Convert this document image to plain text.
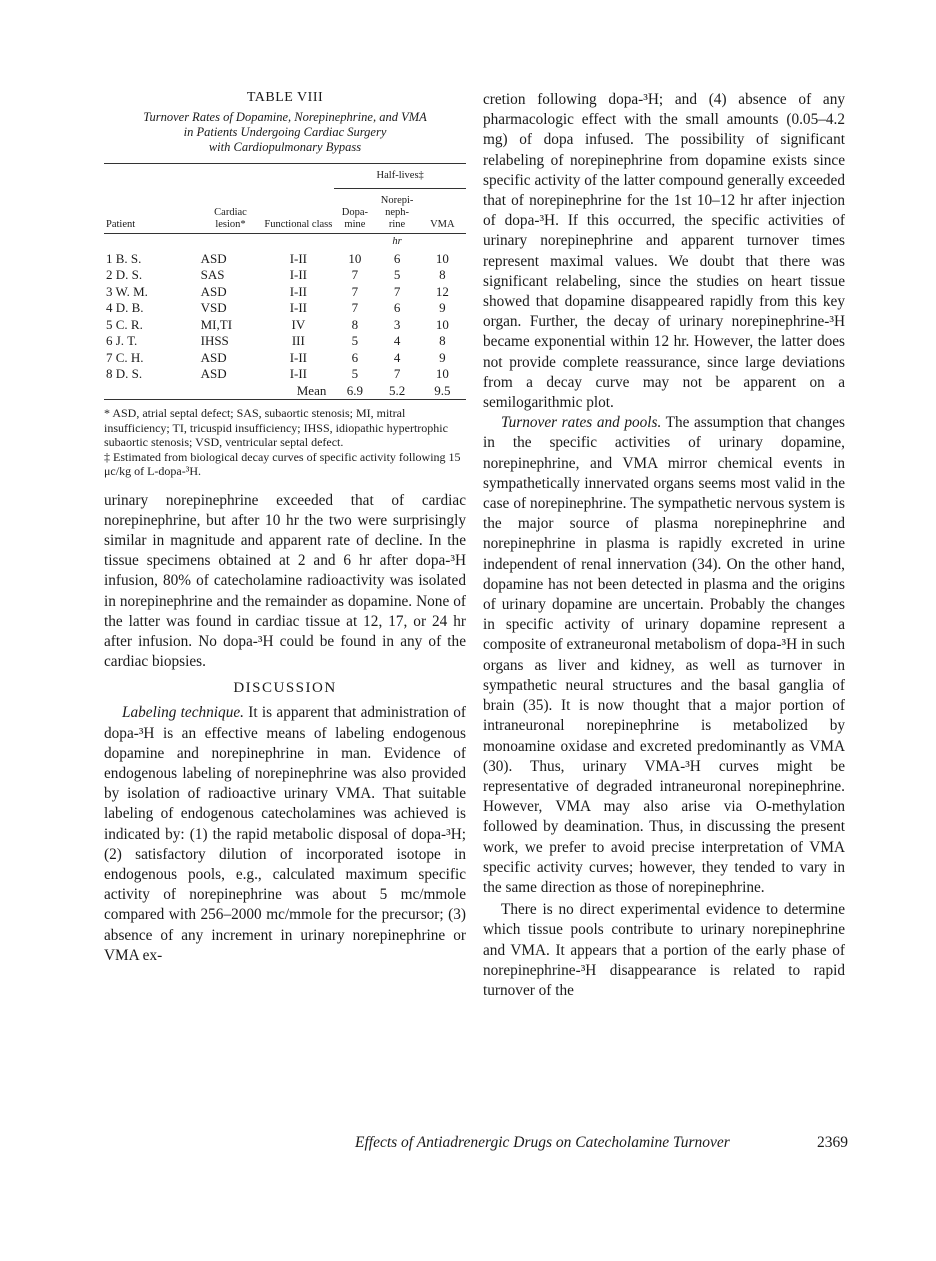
TABLE VIII
Turnover Rates of Dopamine, Norepinephrine, and VMA
in Patients Undergoing Cardiac Surgery
with Cardiopulmonary Bypass
			Half-lives‡		
Patient	Cardiac lesion*	Functional class	Dopa- mine	Norepi- neph- rine	VMA
				hr	
1 B. S.	ASD	I-II	10	6	10
2 D. S.	SAS	I-II	7	5	8
3 W. M.	ASD	I-II	7	7	12
4 D. B.	VSD	I-II	7	6	9
5 C. R.	MI,TI	IV	8	3	10
6 J. T.	IHSS	III	5	4	8
7 C. H.	ASD	I-II	6	4	9
8 D. S.	ASD	I-II	5	7	10
Mean			6.9	5.2	9.5

* ASD, atrial septal defect; SAS, subaortic stenosis; MI, mitral insufficiency; TI, tricuspid insufficiency; IHSS, idiopathic hypertrophic subaortic stenosis; VSD, ventricular septal defect.

‡ Estimated from biological decay curves of specific activity following 15 μc/kg of L-dopa-³H.

urinary norepinephrine exceeded that of cardiac norepinephrine, but after 10 hr the two were surprisingly similar in magnitude and apparent rate of decline. In the tissue specimens obtained at 2 and 6 hr after dopa-³H infusion, 80% of catecholamine radioactivity was isolated in norepinephrine and the remainder as dopamine. None of the latter was found in cardiac tissue at 12, 17, or 24 hr after infusion. No dopa-³H could be found in any of the cardiac biopsies.

DISCUSSION

Labeling technique. It is apparent that administration of dopa-³H is an effective means of labeling endogenous dopamine and norepinephrine in man. Evidence of endogenous labeling of norepinephrine was also provided by isolation of radioactive urinary VMA. That suitable labeling of endogenous catecholamines was achieved is indicated by: (1) the rapid metabolic disposal of dopa-³H; (2) satisfactory dilution of incorporated isotope in endogenous pools, e.g., calculated maximum specific activity of norepinephrine was about 5 mc/mmole compared with 256–2000 mc/mmole for the precursor; (3) absence of any increment in urinary norepinephrine or VMA ex-

cretion following dopa-³H; and (4) absence of any pharmacologic effect with the small amounts (0.05–4.2 mg) of dopa infused. The possibility of significant relabeling of norepinephrine from dopamine exists since specific activity of the latter compound generally exceeded that of norepinephrine for the 1st 10–12 hr after injection of dopa-³H. If this occurred, the specific activities of urinary norepinephrine and apparent turnover times represent maximal values. We doubt that there was significant relabeling, since the studies on heart tissue showed that dopamine disappeared rapidly from this key organ. Further, the decay of urinary norepinephrine-³H became exponential within 12 hr. However, the latter does not provide complete reassurance, since large deviations from a decay curve may not be apparent on a semilogarithmic plot.

Turnover rates and pools. The assumption that changes in the specific activities of urinary dopamine, norepinephrine, and VMA mirror chemical events in sympathetically innervated organs seems most valid in the case of norepinephrine. The sympathetic nervous system is the major source of plasma norepinephrine and norepinephrine in plasma is rapidly excreted in urine independent of renal innervation (34). On the other hand, dopamine has not been detected in plasma and the origins of urinary dopamine are uncertain. Probably the changes in specific activity of urinary dopamine represent a composite of extraneuronal metabolism of dopa-³H in such organs as liver and kidney, as well as turnover in sympathetic neural structures and the basal ganglia of brain (35). It is now thought that a major portion of intraneuronal norepinephrine is metabolized by monoamine oxidase and excreted predominantly as VMA (30). Thus, urinary VMA-³H curves might be representative of degraded intraneuronal norepinephrine. However, VMA may also arise via O-methylation followed by deamination. Thus, in discussing the present work, we prefer to avoid precise interpretation of VMA specific activity curves; however, they tended to vary in the same direction as those of norepinephrine.

There is no direct experimental evidence to determine which tissue pools contribute to urinary norepinephrine and VMA. It appears that a portion of the early phase of norepinephrine-³H disappearance is related to rapid turnover of the

Effects of Antiadrenergic Drugs on Catecholamine Turnover	2369
